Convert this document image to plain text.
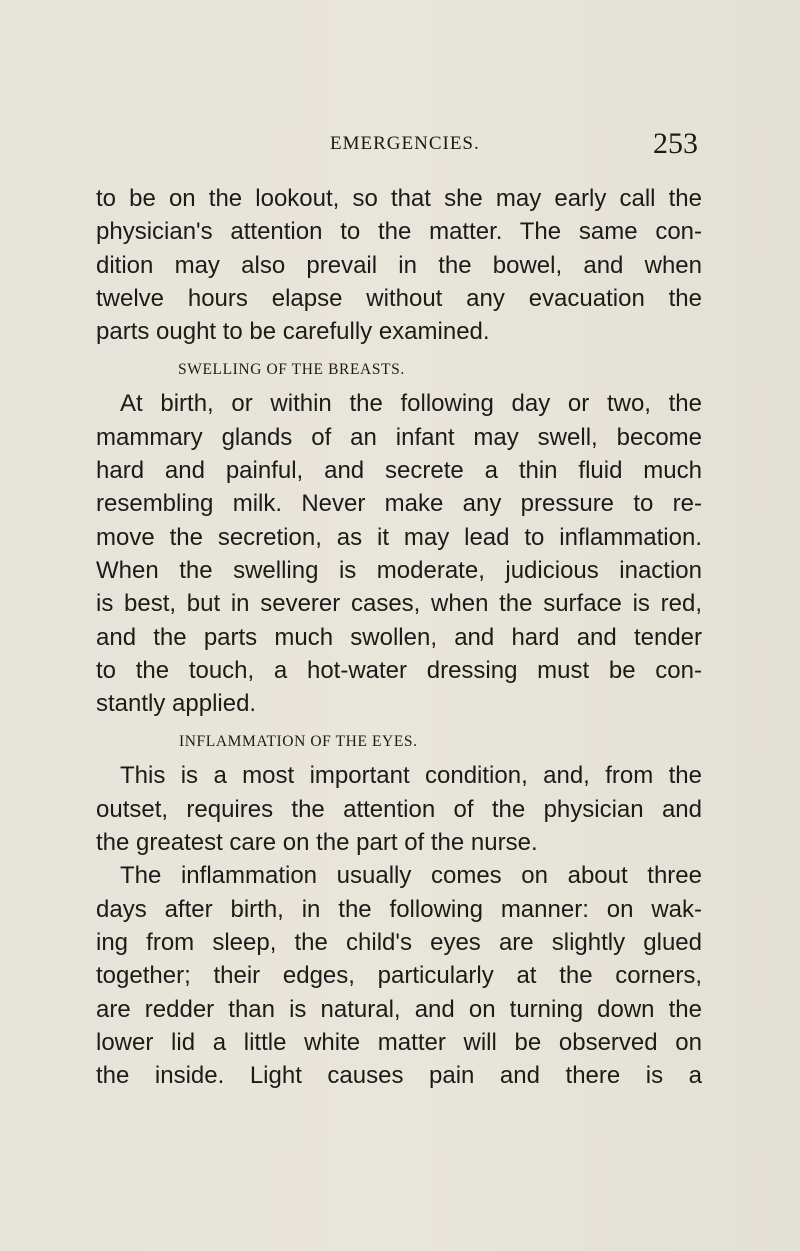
EMERGENCIES.	253
to be on the lookout, so that she may early call the
physician's attention to the matter. The same con-
dition may also prevail in the bowel, and when
twelve hours elapse without any evacuation the
parts ought to be carefully examined.
SWELLING OF THE BREASTS.
At birth, or within the following day or two, the
mammary glands of an infant may swell, become
hard and painful, and secrete a thin fluid much
resembling milk. Never make any pressure to re-
move the secretion, as it may lead to inflammation.
When the swelling is moderate, judicious inaction
is best, but in severer cases, when the surface is red,
and the parts much swollen, and hard and tender
to the touch, a hot-water dressing must be con-
stantly applied.
INFLAMMATION OF THE EYES.
This is a most important condition, and, from the
outset, requires the attention of the physician and
the greatest care on the part of the nurse.
The inflammation usually comes on about three
days after birth, in the following manner: on wak-
ing from sleep, the child's eyes are slightly glued
together; their edges, particularly at the corners,
are redder than is natural, and on turning down the
lower lid a little white matter will be observed on
the inside. Light causes pain and there is a
